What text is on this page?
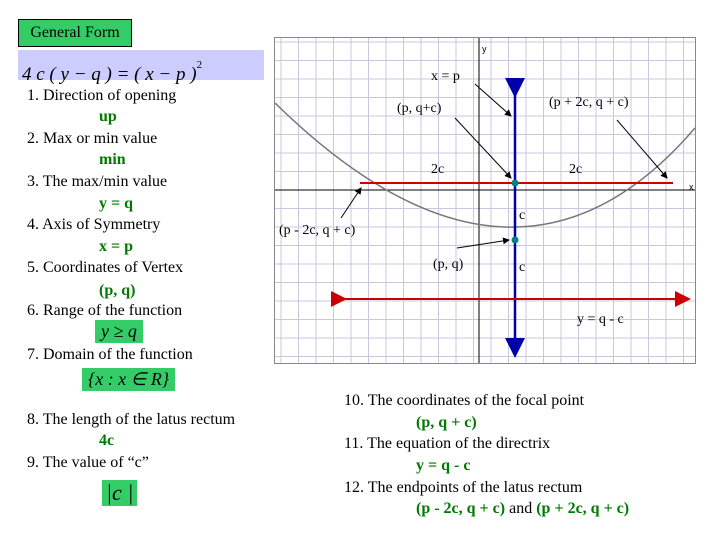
General Form
4 c ( y − q ) = ( x − p )$^2$
1. Direction of opening
up
2. Max or min value
min
3. The max/min value
y = q
4. Axis of Symmetry
x = p
5. Coordinates of Vertex
(p, q)
6. Range of the function
y ≥ q
7. Domain of the function
{x : x ∈ R}
8. The length of the latus rectum
4c
9. The value of “c”
|c |
10. The coordinates of the focal point
(p, q + c)
11. The equation of the directrix
y = q - c
12. The endpoints of the latus rectum
(p - 2c, q + c) and (p + 2c, q + c)
x
y
x = p
(p, q+c)	(p + 2c, q + c)
(p - 2c, q + c)
(p, q)
2c	2c
c
c
y = q - c
